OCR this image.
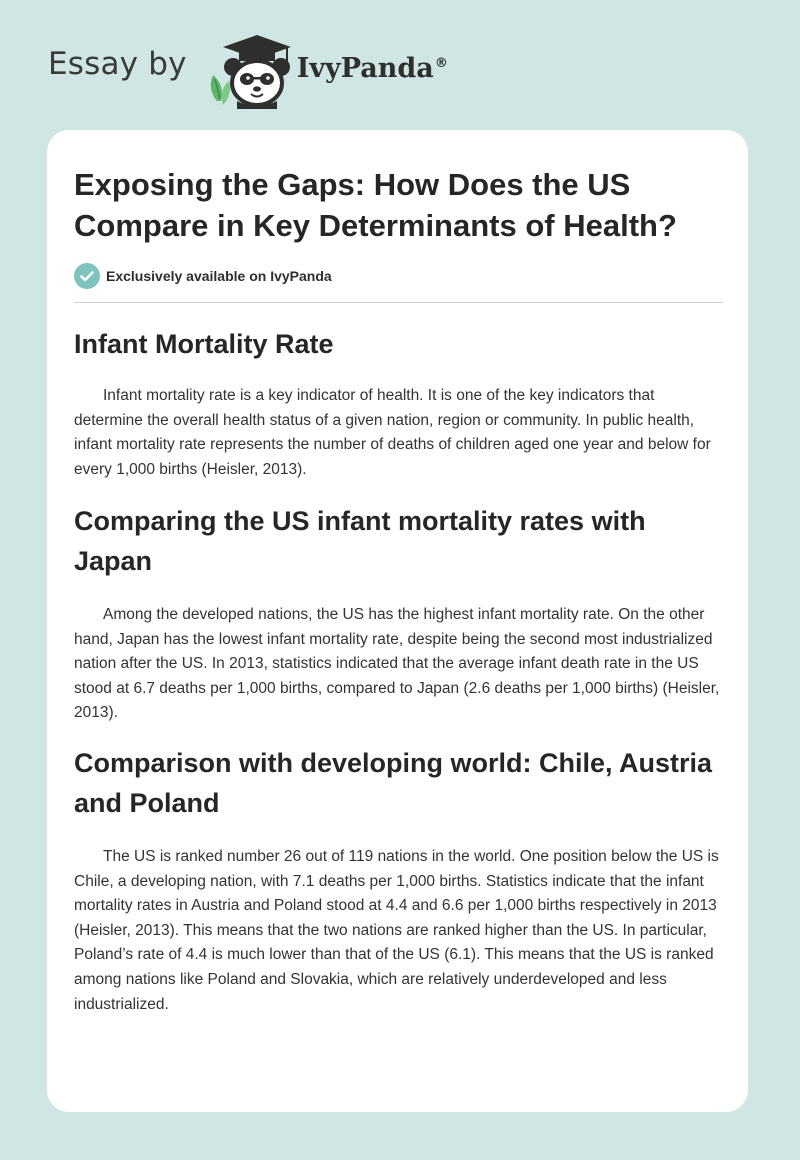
Essay by	IvyPanda®
Exposing the Gaps: How Does the US Compare in Key Determinants of Health?
Exclusively available on IvyPanda
Infant Mortality Rate

Infant mortality rate is a key indicator of health. It is one of the key indicators that determine the overall health status of a given nation, region or community. In public health, infant mortality rate represents the number of deaths of children aged one year and below for every 1,000 births (Heisler, 2013).

Comparing the US infant mortality rates with Japan

Among the developed nations, the US has the highest infant mortality rate. On the other hand, Japan has the lowest infant mortality rate, despite being the second most industrialized nation after the US. In 2013, statistics indicated that the average infant death rate in the US stood at 6.7 deaths per 1,000 births, compared to Japan (2.6 deaths per 1,000 births) (Heisler, 2013).

Comparison with developing world: Chile, Austria and Poland

The US is ranked number 26 out of 119 nations in the world. One position below the US is Chile, a developing nation, with 7.1 deaths per 1,000 births. Statistics indicate that the infant mortality rates in Austria and Poland stood at 4.4 and 6.6 per 1,000 births respectively in 2013 (Heisler, 2013). This means that the two nations are ranked higher than the US. In particular, Poland’s rate of 4.4 is much lower than that of the US (6.1). This means that the US is ranked among nations like Poland and Slovakia, which are relatively underdeveloped and less industrialized.
